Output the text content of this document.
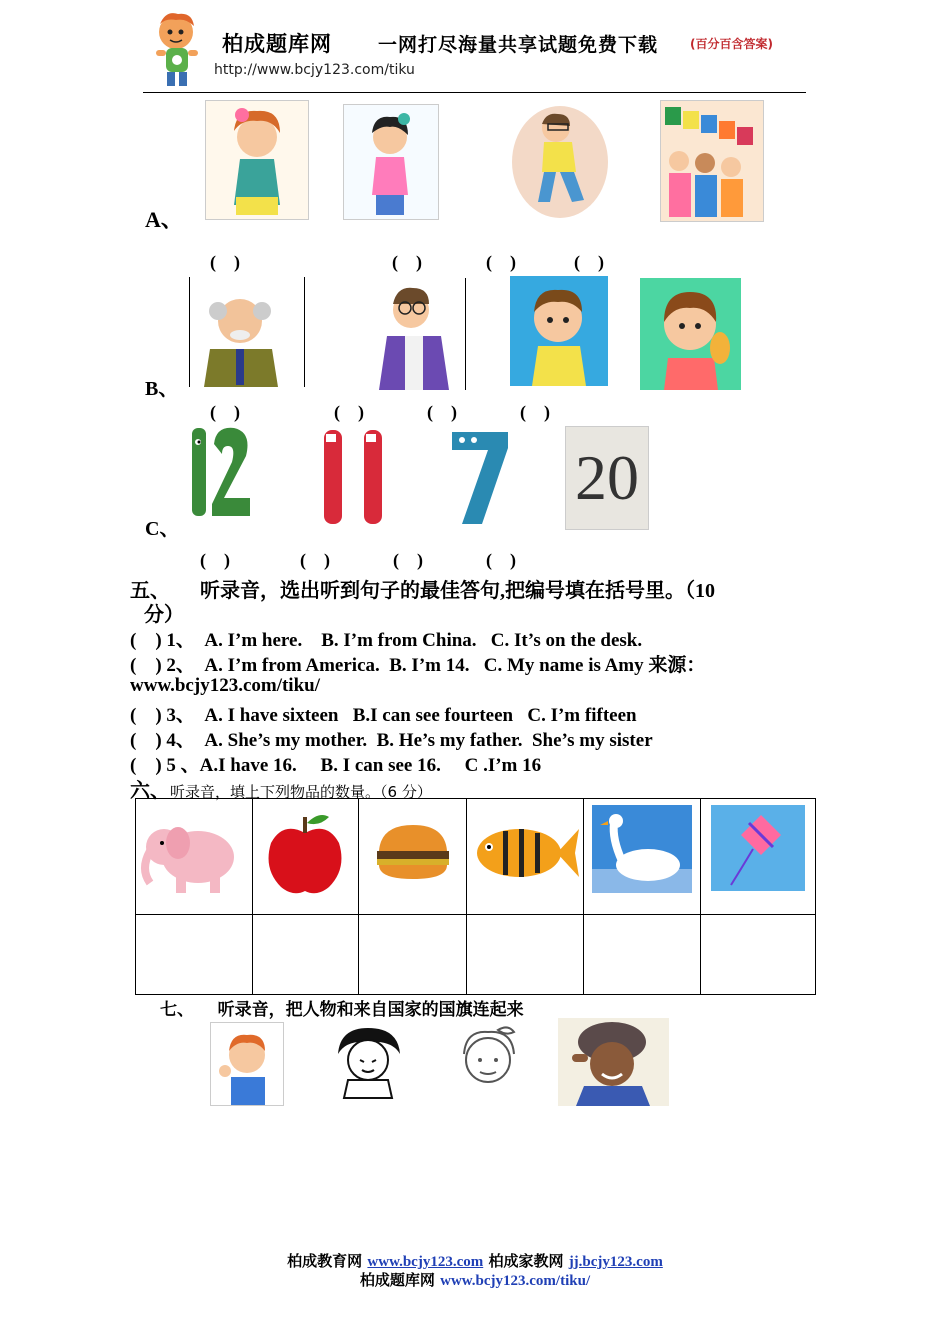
柏成题库网 一网打尽海量共享试题免费下载	(百分百含答案)
http://www.bcjy123.com/tiku
A、
(    )	(    )	(    )	(    )
B、
(    )	(    )	(    )	(    )
20
C、
(    )	(    )	(    )	(    )
五、      听录音，选出听到句子的最佳答句,把编号填在括号里。（10
分）
(    ) 1、  A. I’m here.    B. I’m from China.   C. It’s on the desk.
(    ) 2、  A. I’m from America.  B. I’m 14.   C. My name is Amy 来源：
www.bcjy123.com/tiku/
(    ) 3、  A. I have sixteen   B.I can see fourteen   C. I’m fifteen
(    ) 4、  A. She’s my mother.  B. He’s my father.  She’s my sister
(    ) 5 、A.I have 16.     B. I can see 16.     C .I’m 16
六、听录音，填上下列物品的数量。（6 分）

七、    听录音，把人物和来自国家的国旗连起来
柏成教育网 www.bcjy123.com 柏成家教网 jj.bcjy123.com
柏成题库网 www.bcjy123.com/tiku/
